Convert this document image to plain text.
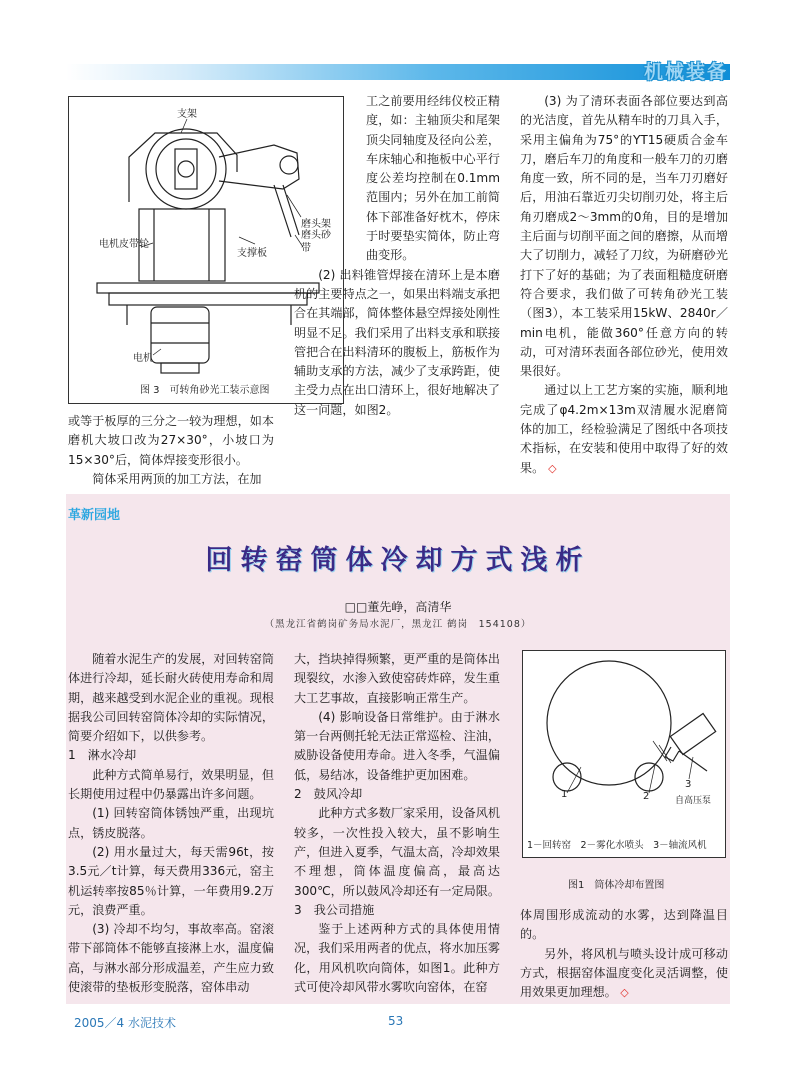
机械装备
支架
电机皮带轮
支撑板
磨头架
磨头砂带
电机
图 3　可转角砂光工装示意图

或等于板厚的三分之一较为理想，如本磨机大坡口改为27×30°，小坡口为15×30°后，简体焊接变形很小。

简体采用两顶的加工方法，在加

工之前要用经纬仪校正精度，如：主轴顶尖和尾架顶尖同轴度及径向公差，车床轴心和拖板中心平行度公差均控制在0.1mm范围内；另外在加工前简体下部准备好枕木，停床于时要垫实简体，防止弯曲变形。

(2) 出料锥管焊接在清环上是本磨机的主要特点之一，如果出料端支承把合在其端部，简体整体悬空焊接处刚性明显不足。我们采用了出料支承和联接管把合在出料清环的腹板上，筋板作为辅助支承的方法，减少了支承跨距，使主受力点在出口清环上，很好地解决了这一问题，如图2。

(3) 为了清环表面各部位要达到高的光洁度，首先从精车时的刀具入手，采用主偏角为75°的YT15硬质合金车刀，磨后车刀的角度和一般车刀的刃磨角度一致，所不同的是，当车刀刃磨好后，用油石靠近刃尖切削刃处，将主后角刃磨成2～3mm的0角，目的是增加主后面与切削平面之间的磨擦，从而增大了切削力，减轻了刀纹，为研磨砂光打下了好的基础；为了表面粗糙度研磨符合要求，我们做了可转角砂光工装（图3），本工装采用15kW、2840r／min电机，能做360°任意方向的转动，可对清环表面各部位砂光，使用效果很好。

通过以上工艺方案的实施，顺利地完成了φ4.2m×13m双清履水泥磨简体的加工，经检验满足了图纸中各项技术指标，在安装和使用中取得了好的效果。 ◇

革新园地
回转窑筒体冷却方式浅析
□□董先峥，高清华
（黑龙江省鹤岗矿务局水泥厂，黑龙江 鹤岗　154108）

随着水泥生产的发展，对回转窑筒体进行冷却，延长耐火砖使用寿命和周期，越来越受到水泥企业的重视。现根据我公司回转窑筒体冷却的实际情况，简要介绍如下，以供参考。

1　淋水冷却

此种方式简单易行，效果明显，但长期使用过程中仍暴露出许多问题。

(1) 回转窑筒体锈蚀严重，出现坑点，锈皮脱落。

(2) 用水量过大，每天需96t，按3.5元／t计算，每天费用336元，窑主机运转率按85％计算，一年费用9.2万元，浪费严重。

(3) 冷却不均匀，事故率高。窑滚带下部筒体不能够直接淋上水，温度偏高，与淋水部分形成温差，产生应力致使滚带的垫板形变脱落，窑体串动

大，挡块掉得频繁，更严重的是筒体出现裂纹，水渗入致使窑砖炸碎，发生重大工艺事故，直接影响正常生产。

(4) 影响设备日常维护。由于淋水第一台两侧托轮无法正常巡检、注油，威胁设备使用寿命。进入冬季，气温偏低，易结冰，设备维护更加困难。

2　鼓风冷却

此种方式多数厂家采用，设备风机较多，一次性投入较大，虽不影响生产，但进入夏季，气温太高，冷却效果不理想，筒体温度偏高，最高达300℃，所以鼓风冷却还有一定局限。

3　我公司措施

鉴于上述两种方式的具体使用情况，我们采用两者的优点，将水加压雾化，用风机吹向筒体，如图1。此种方式可使冷却风带水雾吹向窑体，在窑

1	2
3
自高压泵
1－回转窑　2－雾化水喷头　3－轴流风机
图1　筒体冷却布置图

体周围形成流动的水雾，达到降温目的。

另外，将风机与喷头设计成可移动方式，根据窑体温度变化灵活调整，使用效果更加理想。 ◇

2005／4 水泥技术	53
